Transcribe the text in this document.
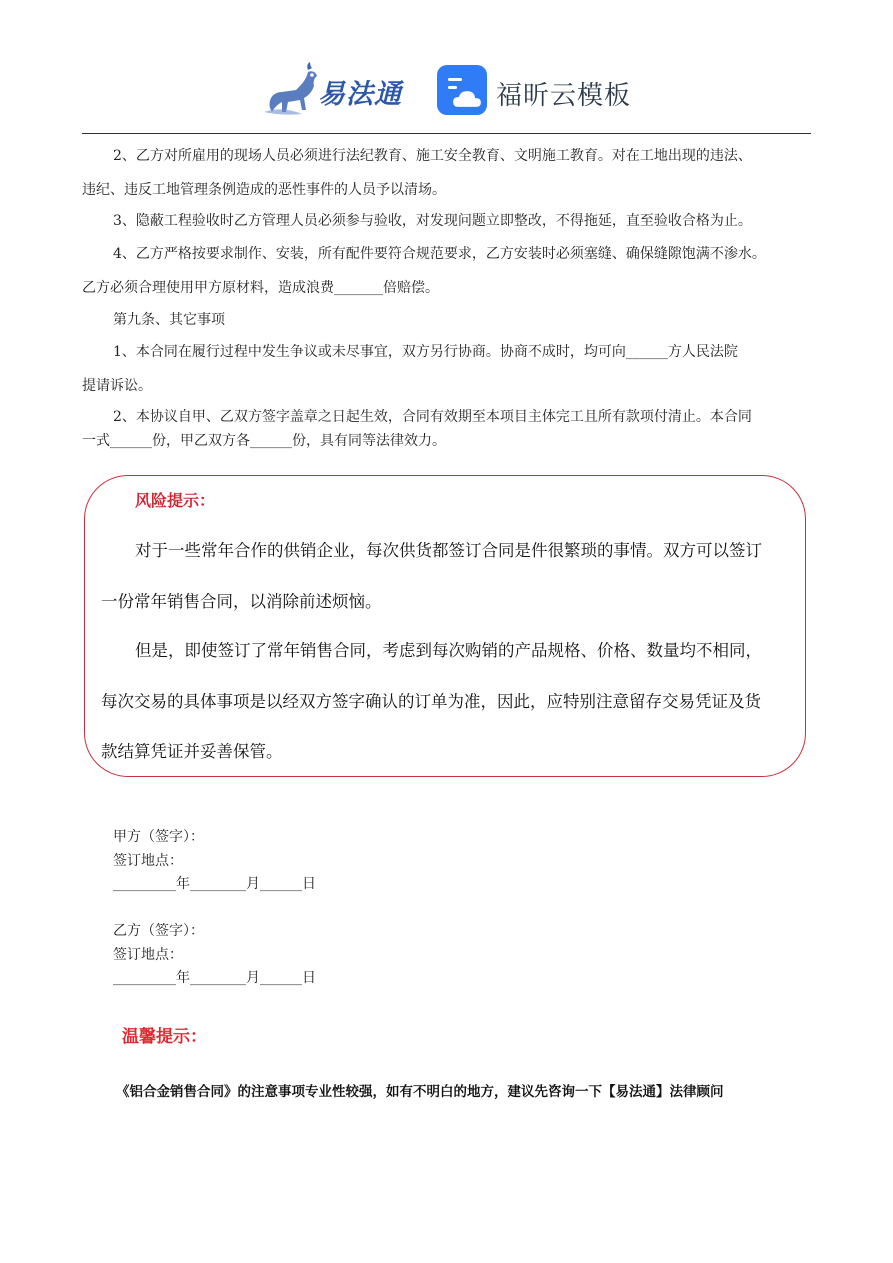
易法通	福昕云模板
2、乙方对所雇用的现场人员必须进行法纪教育、施工安全教育、文明施工教育。对在工地出现的违法、
违纪、违反工地管理条例造成的恶性事件的人员予以清场。
3、隐蔽工程验收时乙方管理人员必须参与验收，对发现问题立即整改，不得拖延，直至验收合格为止。
4、乙方严格按要求制作、安装，所有配件要符合规范要求，乙方安装时必须塞缝、确保缝隙饱满不渗水。
乙方必须合理使用甲方原材料，造成浪费_______倍赔偿。
第九条、其它事项
1、本合同在履行过程中发生争议或未尽事宜，双方另行协商。协商不成时，均可向______方人民法院
提请诉讼。
2、本协议自甲、乙双方签字盖章之日起生效，合同有效期至本项目主体完工且所有款项付清止。本合同
一式______份，甲乙双方各______份，具有同等法律效力。
风险提示：
对于一些常年合作的供销企业，每次供货都签订合同是件很繁琐的事情。双方可以签订
一份常年销售合同，以消除前述烦恼。
但是，即使签订了常年销售合同，考虑到每次购销的产品规格、价格、数量均不相同，
每次交易的具体事项是以经双方签字确认的订单为准，因此，应特别注意留存交易凭证及货
款结算凭证并妥善保管。
甲方（签字）：
签订地点：
_________年________月______日
乙方（签字）：
签订地点：
_________年________月______日
温馨提示：
《铝合金销售合同》的注意事项专业性较强，如有不明白的地方，建议先咨询一下【易法通】法律顾问
